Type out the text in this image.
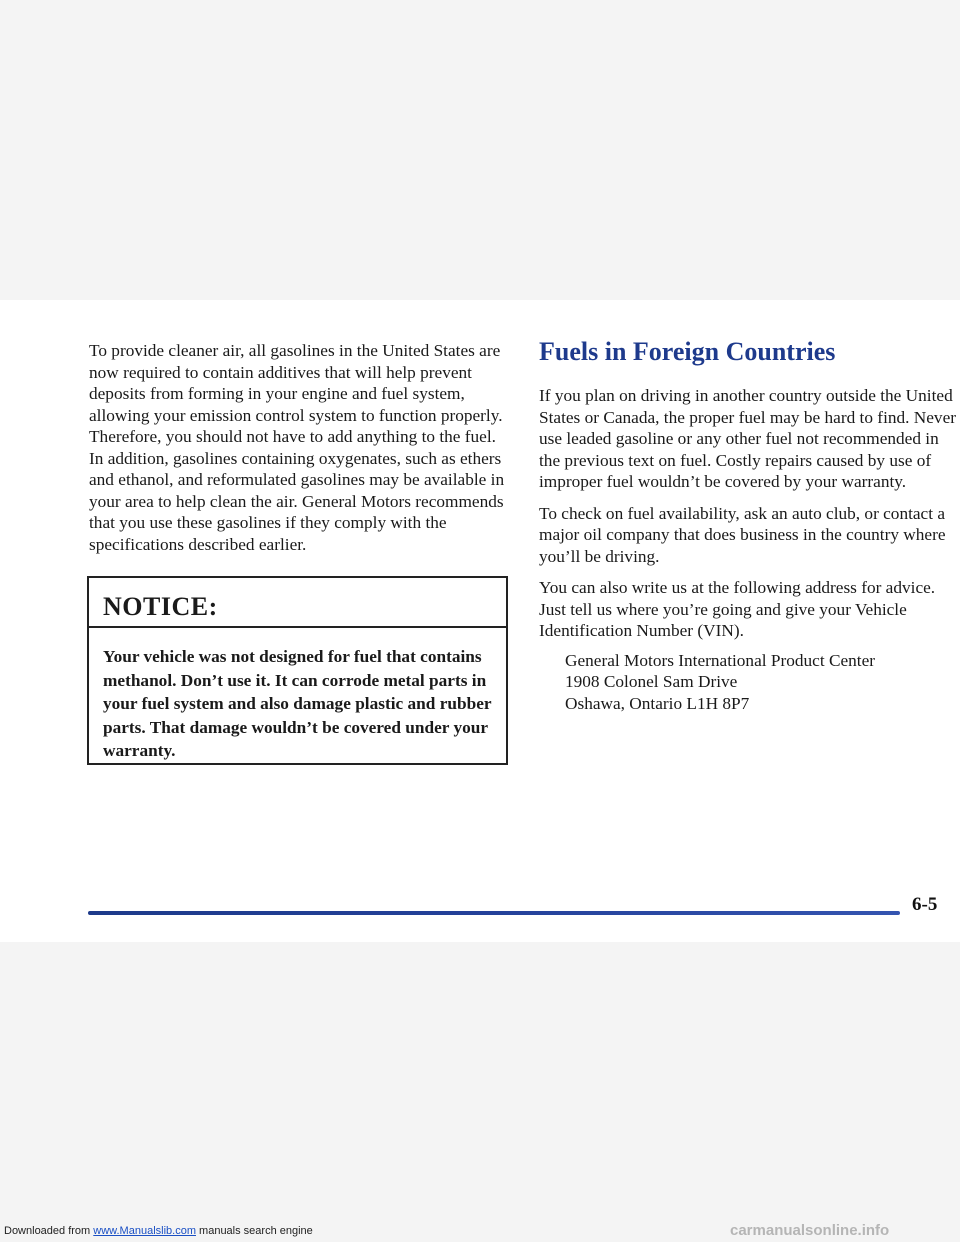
To provide cleaner air, all gasolines in the United States are now required to contain additives that will help prevent deposits from forming in your engine and fuel system, allowing your emission control system to function properly. Therefore, you should not have to add anything to the fuel. In addition, gasolines containing oxygenates, such as ethers and ethanol, and reformulated gasolines may be available in your area to help clean the air. General Motors recommends that you use these gasolines if they comply with the specifications described earlier.

NOTICE:

Your vehicle was not designed for fuel that contains methanol. Don’t use it. It can corrode metal parts in your fuel system and also damage plastic and rubber parts. That damage wouldn’t be covered under your warranty.

Fuels in Foreign Countries

If you plan on driving in another country outside the United States or Canada, the proper fuel may be hard to find. Never use leaded gasoline or any other fuel not recommended in the previous text on fuel. Costly repairs caused by use of improper fuel wouldn’t be covered by your warranty.

To check on fuel availability, ask an auto club, or contact a major oil company that does business in the country where you’ll be driving.

You can also write us at the following address for advice. Just tell us where you’re going and give your Vehicle Identification Number (VIN).

General Motors International Product Center
1908 Colonel Sam Drive
Oshawa, Ontario L1H 8P7
6-5
Downloaded from www.Manualslib.com manuals search engine	carmanualsonline.info
